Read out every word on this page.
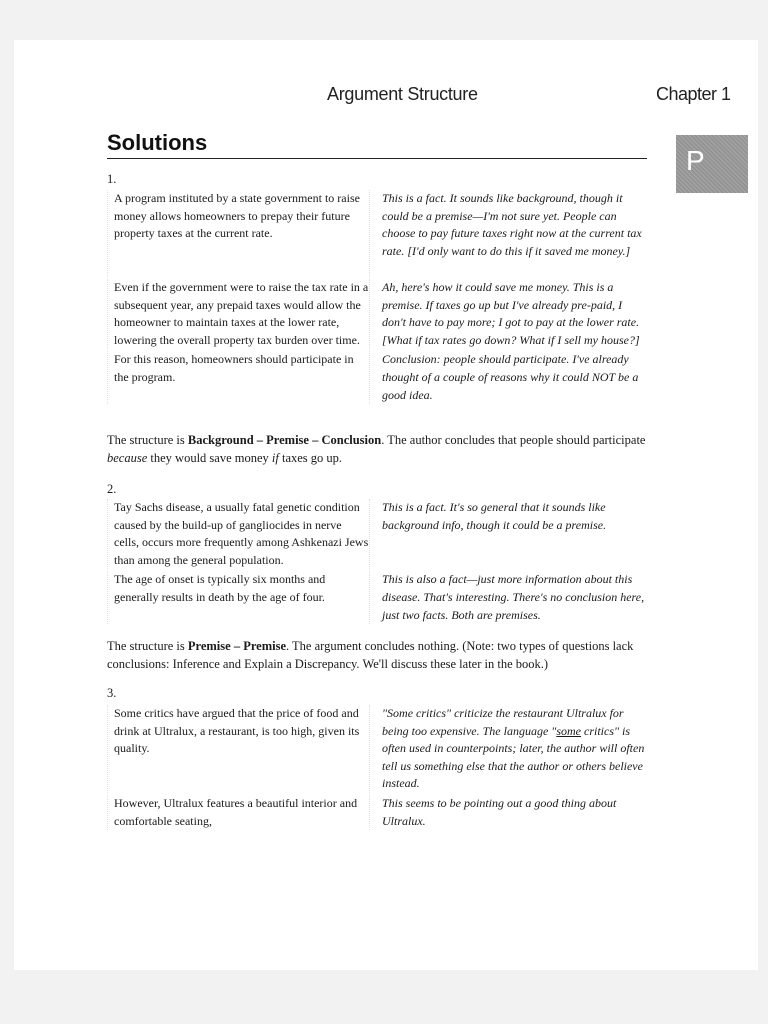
Argument Structure	Chapter 1
Solutions
P
1.
A program instituted by a state government to raise money allows homeowners to prepay their future property taxes at the current rate.
This is a fact. It sounds like background, though it could be a premise—I'm not sure yet. People can choose to pay future taxes right now at the current tax rate. [I'd only want to do this if it saved me money.]
Even if the government were to raise the tax rate in a subsequent year, any prepaid taxes would allow the homeowner to maintain taxes at the lower rate, lowering the overall property tax burden over time.
Ah, here's how it could save me money. This is a premise. If taxes go up but I've already pre-paid, I don't have to pay more; I got to pay at the lower rate. [What if tax rates go down? What if I sell my house?]
For this reason, homeowners should participate in the program.
Conclusion: people should participate. I've already thought of a couple of reasons why it could NOT be a good idea.
The structure is Background – Premise – Conclusion. The author concludes that people should participate because they would save money if taxes go up.
2.
Tay Sachs disease, a usually fatal genetic condition caused by the build-up of gangliocides in nerve cells, occurs more frequently among Ashkenazi Jews than among the general population.
This is a fact. It's so general that it sounds like background info, though it could be a premise.
The age of onset is typically six months and generally results in death by the age of four.
This is also a fact—just more information about this disease. That's interesting. There's no conclusion here, just two facts. Both are premises.
The structure is Premise – Premise. The argument concludes nothing. (Note: two types of questions lack conclusions: Inference and Explain a Discrepancy. We'll discuss these later in the book.)
3.
Some critics have argued that the price of food and drink at Ultralux, a restaurant, is too high, given its quality.
"Some critics" criticize the restaurant Ultralux for being too expensive. The language "some critics" is often used in counterpoints; later, the author will often tell us something else that the author or others believe instead.
However, Ultralux features a beautiful interior and comfortable seating,
This seems to be pointing out a good thing about Ultralux.
